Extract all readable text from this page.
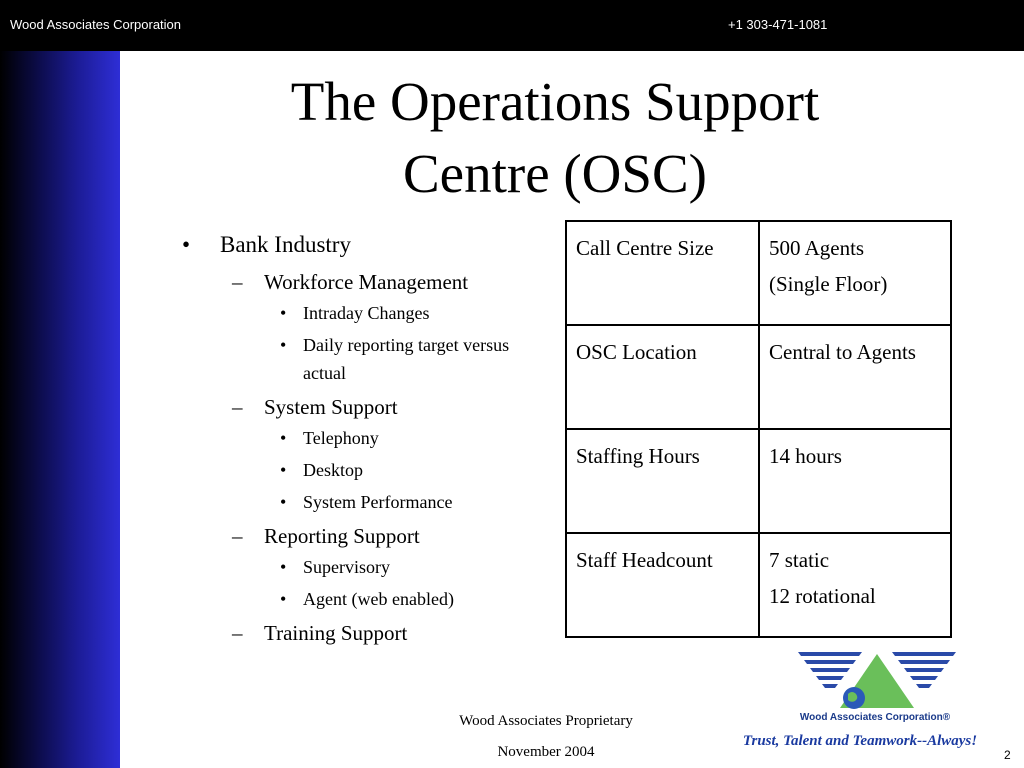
Wood Associates Corporation	+1 303-471-1081
The Operations Support
Centre (OSC)
• Bank Industry
– Workforce Management
• Intraday Changes
• Daily reporting target versus actual
– System Support
• Telephony
• Desktop
• System Performance
– Reporting Support
• Supervisory
• Agent (web enabled)
– Training Support
Call Centre Size	500 Agents
(Single Floor)

OSC Location	Central to Agents

Staffing Hours	14 hours

Staff Headcount	7 static
12 rotational
Wood Associates Proprietary
November 2004
Wood Associates Corporation®
Trust, Talent and Teamwork--Always!
2
